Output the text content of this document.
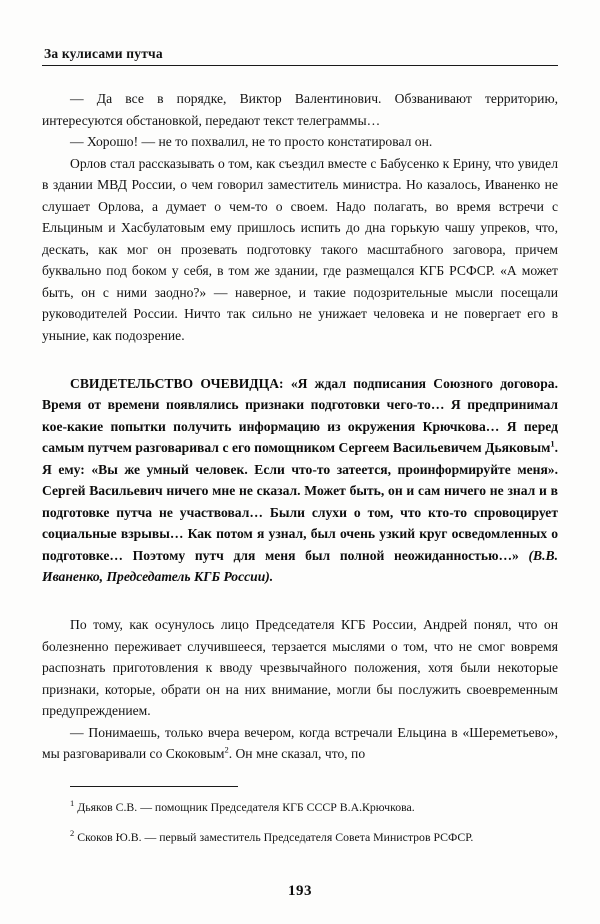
За кулисами путча

— Да все в порядке, Виктор Валентинович. Обзванивают территорию, интересуются обстановкой, передают текст телеграммы…

— Хорошо! — не то похвалил, не то просто констатировал он.

Орлов стал рассказывать о том, как съездил вместе с Бабусенко к Ерину, что увидел в здании МВД России, о чем говорил заместитель министра. Но казалось, Иваненко не слушает Орлова, а думает о чем-то о своем. Надо полагать, во время встречи с Ельциным и Хасбулатовым ему пришлось испить до дна горькую чашу упреков, что, дескать, как мог он прозевать подготовку такого масштабного заговора, причем буквально под боком у себя, в том же здании, где размещался КГБ РСФСР. «А может быть, он с ними заодно?» — наверное, и такие подозрительные мысли посещали руководителей России. Ничто так сильно не унижает человека и не повергает его в уныние, как подозрение.

СВИДЕТЕЛЬСТВО ОЧЕВИДЦА: «Я ждал подписания Союзного договора. Время от времени появлялись признаки подготовки чего-то… Я предпринимал кое-какие попытки получить информацию из окружения Крючкова… Я перед самым путчем разговаривал с его помощником Сергеем Васильевичем Дьяковым$^1$. Я ему: «Вы же умный человек. Если что-то затеется, проинформируйте меня». Сергей Васильевич ничего мне не сказал. Может быть, он и сам ничего не знал и в подготовке путча не участвовал… Были слухи о том, что кто-то спровоцирует социальные взрывы… Как потом я узнал, был очень узкий круг осведомленных о подготовке… Поэтому путч для меня был полной неожиданностью…» (В.В. Иваненко, Председатель КГБ России).

По тому, как осунулось лицо Председателя КГБ России, Андрей понял, что он болезненно переживает случившееся, терзается мыслями о том, что не смог вовремя распознать приготовления к вводу чрезвычайного положения, хотя были некоторые признаки, которые, обрати он на них внимание, могли бы послужить своевременным предупреждением.

— Понимаешь, только вчера вечером, когда встречали Ельцина в «Шереметьево», мы разговаривали со Скоковым$^2$. Он мне сказал, что, по

$^1$ Дьяков С.В. — помощник Председателя КГБ СССР В.А.Крючкова.

$^2$ Скоков Ю.В. — первый заместитель Председателя Совета Министров РСФСР.

193
